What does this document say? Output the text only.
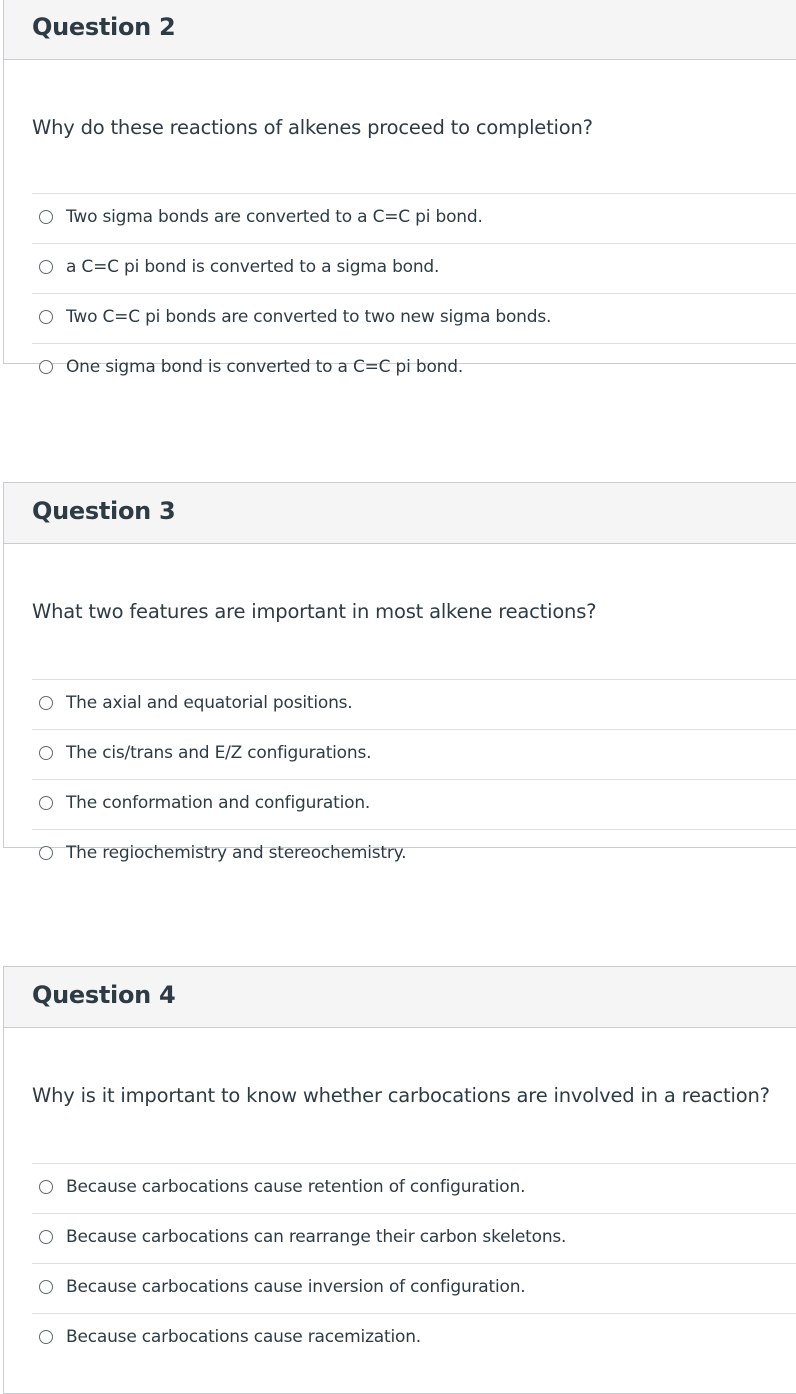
Question 2
Why do these reactions of alkenes proceed to completion?
Two sigma bonds are converted to a C=C pi bond.
a C=C pi bond is converted to a sigma bond.
Two C=C pi bonds are converted to two new sigma bonds.
One sigma bond is converted to a C=C pi bond.
Question 3
What two features are important in most alkene reactions?
The axial and equatorial positions.
The cis/trans and E/Z configurations.
The conformation and configuration.
The regiochemistry and stereochemistry.
Question 4
Why is it important to know whether carbocations are involved in a reaction?
Because carbocations cause retention of configuration.
Because carbocations can rearrange their carbon skeletons.
Because carbocations cause inversion of configuration.
Because carbocations cause racemization.
